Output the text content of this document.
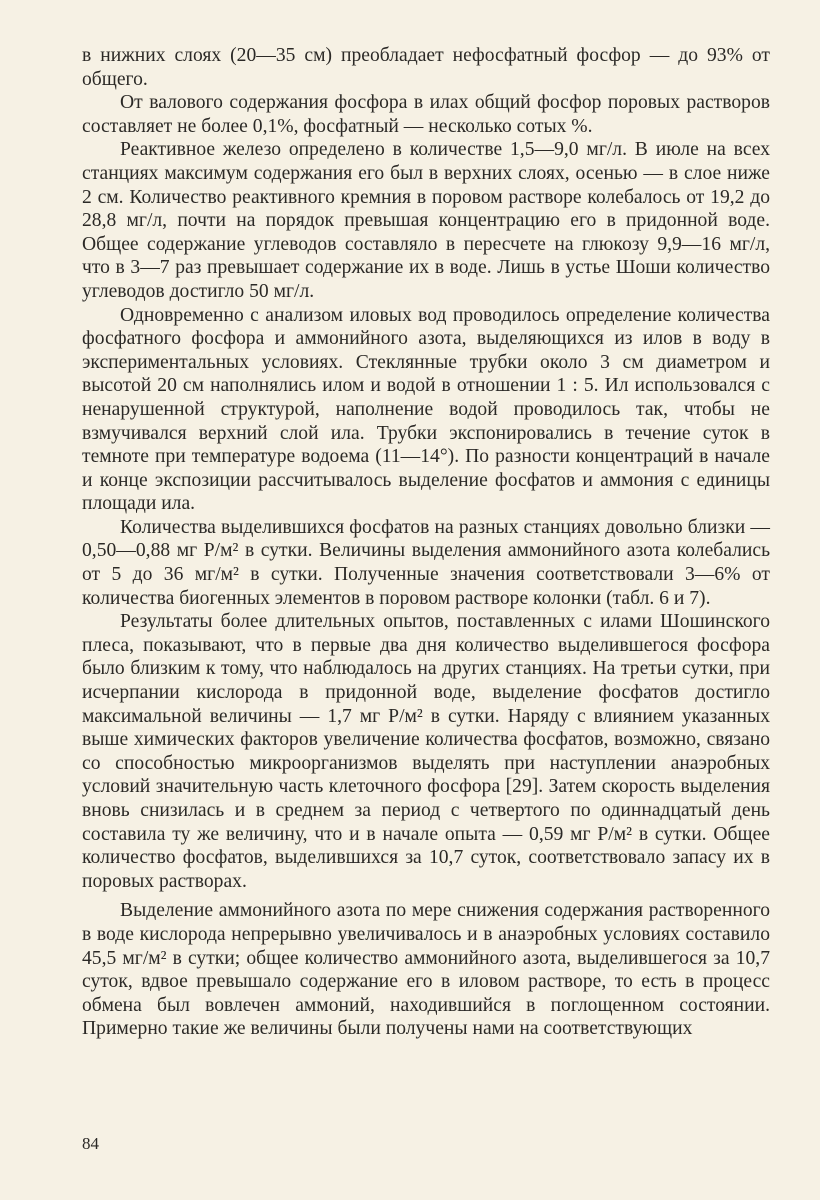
в нижних слоях (20—35 см) преобладает нефосфатный фосфор — до 93% от общего.

От валового содержания фосфора в илах общий фосфор поровых растворов составляет не более 0,1%, фосфатный — несколько сотых %.

Реактивное железо определено в количестве 1,5—9,0 мг/л. В июле на всех станциях максимум содержания его был в верхних слоях, осенью — в слое ниже 2 см. Количество реактивного кремния в поровом растворе колебалось от 19,2 до 28,8 мг/л, почти на порядок превышая концентрацию его в придонной воде. Общее содержание углеводов составляло в пересчете на глюкозу 9,9—16 мг/л, что в 3—7 раз превышает содержание их в воде. Лишь в устье Шоши количество углеводов достигло 50 мг/л.

Одновременно с анализом иловых вод проводилось определение количества фосфатного фосфора и аммонийного азота, выделяющихся из илов в воду в экспериментальных условиях. Стеклянные трубки около 3 см диаметром и высотой 20 см наполнялись илом и водой в отношении 1 : 5. Ил использовался с ненарушенной структурой, наполнение водой проводилось так, чтобы не взмучивался верхний слой ила. Трубки экспонировались в течение суток в темноте при температуре водоема (11—14°). По разности концентраций в начале и конце экспозиции рассчитывалось выделение фосфатов и аммония с единицы площади ила.

Количества выделившихся фосфатов на разных станциях довольно близки — 0,50—0,88 мг Р/м² в сутки. Величины выделения аммонийного азота колебались от 5 до 36 мг/м² в сутки. Полученные значения соответствовали 3—6% от количества биогенных элементов в поровом растворе колонки (табл. 6 и 7).

Результаты более длительных опытов, поставленных с илами Шошинского плеса, показывают, что в первые два дня количество выделившегося фосфора было близким к тому, что наблюдалось на других станциях. На третьи сутки, при исчерпании кислорода в придонной воде, выделение фосфатов достигло максимальной величины — 1,7 мг Р/м² в сутки. Наряду с влиянием указанных выше химических факторов увеличение количества фосфатов, возможно, связано со способностью микроорганизмов выделять при наступлении анаэробных условий значительную часть клеточного фосфора [29]. Затем скорость выделения вновь снизилась и в среднем за период с четвертого по одиннадцатый день составила ту же величину, что и в начале опыта — 0,59 мг Р/м² в сутки. Общее количество фосфатов, выделившихся за 10,7 суток, соответствовало запасу их в поровых растворах.

Выделение аммонийного азота по мере снижения содержания растворенного в воде кислорода непрерывно увеличивалось и в анаэробных условиях составило 45,5 мг/м² в сутки; общее количество аммонийного азота, выделившегося за 10,7 суток, вдвое превышало содержание его в иловом растворе, то есть в процесс обмена был вовлечен аммоний, находившийся в поглощенном состоянии. Примерно такие же величины были получены нами на соответствующих

84
